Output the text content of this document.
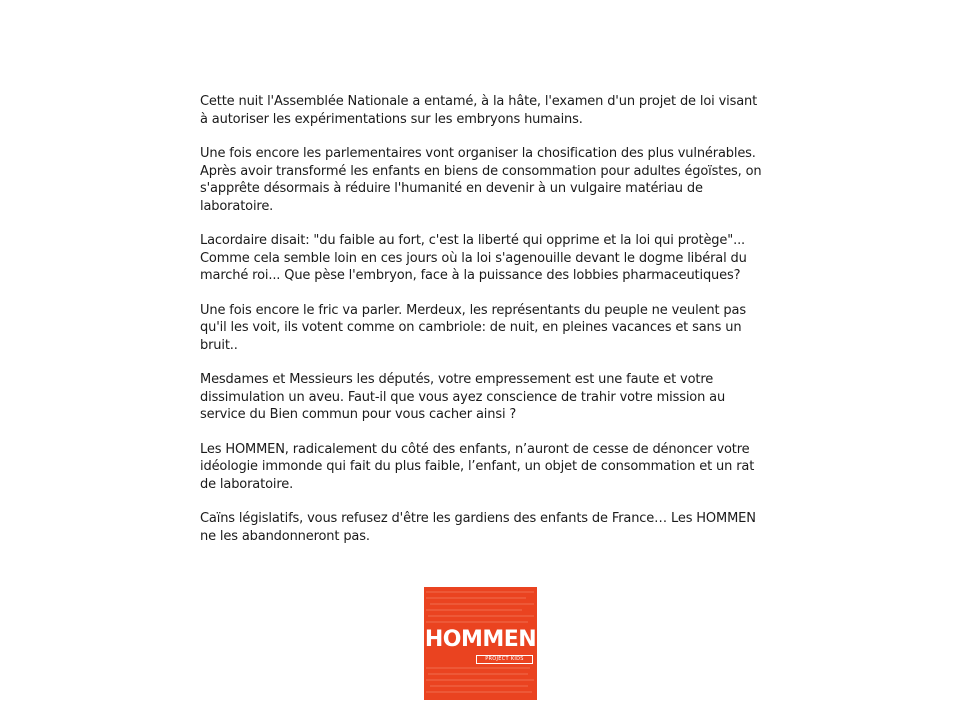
Cette nuit l'Assemblée Nationale a entamé, à la hâte, l'examen d'un projet de loi visant à autoriser les expérimentations sur les embryons humains.

Une fois encore les parlementaires vont organiser la chosification des plus vulnérables. Après avoir transformé les enfants en biens de consommation pour adultes égoïstes, on s'apprête désormais à réduire l'humanité en devenir à un vulgaire matériau de laboratoire.

Lacordaire disait: "du faible au fort, c'est la liberté qui opprime et la loi qui protège"... Comme cela semble loin en ces jours où la loi s'agenouille devant le dogme libéral du marché roi... Que pèse l'embryon, face à la puissance des lobbies pharmaceutiques?

Une fois encore le fric va parler. Merdeux, les représentants du peuple ne veulent pas qu'il les voit, ils votent comme on cambriole: de nuit, en pleines vacances et sans un bruit..

Mesdames et Messieurs les députés, votre empressement est une faute et votre dissimulation un aveu. Faut-il que vous ayez conscience de trahir votre mission au service du Bien commun pour vous cacher ainsi ?

Les HOMMEN, radicalement du côté des enfants, n’auront de cesse de dénoncer votre idéologie immonde qui fait du plus faible, l’enfant, un objet de consommation et un rat de laboratoire.

Caïns législatifs, vous refusez d'être les gardiens des enfants de France… Les HOMMEN ne les abandonneront pas.

HOMMEN
PROJECT KIDS
